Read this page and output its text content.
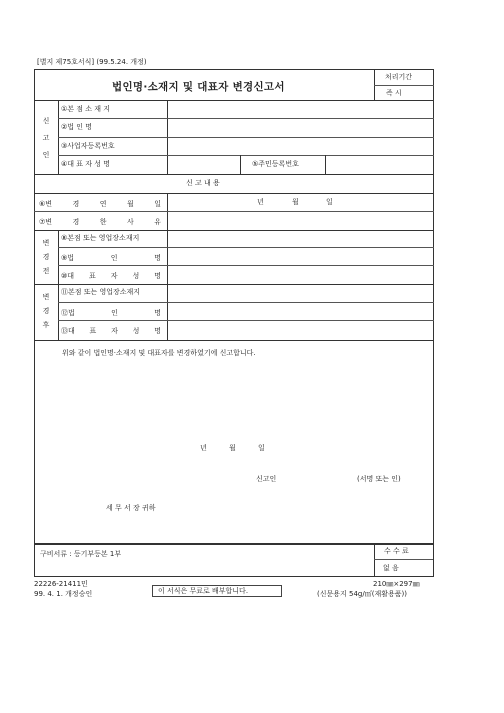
[별지 제75호서식] (99.5.24. 개정)
법인명·소재지 및 대표자 변경신고서
처리기간
즉 시
신
고
인
①본 점 소 재 지
②법 인 명
③사업자등록번호
④대 표 자 성 명	⑤주민등록번호
신 고 내 용
⑥변	경	연	월	일	년	월	일
⑦변	경	한	사	유
변
경
전
⑧본점 또는 영업장소재지
⑨법	인	명
⑩대 표 자 성 명
변
경
후
⑪본점 또는 영업장소재지
⑫법	인	명
⑬대 표 자 성 명
위와 같이 법인명·소재지 및 대표자를 변경하였기에 신고합니다.
년	월	일
신고인	(서명 또는 인)
세 무 서 장 귀하
구비서류 : 등기부등본 1부	수 수 료
없 음
22226-21411민
99. 4. 1. 개정승인	이 서식은 무료로 배부합니다.
210㎜×297㎜
(신문용지 54g/㎡(재활용품))
